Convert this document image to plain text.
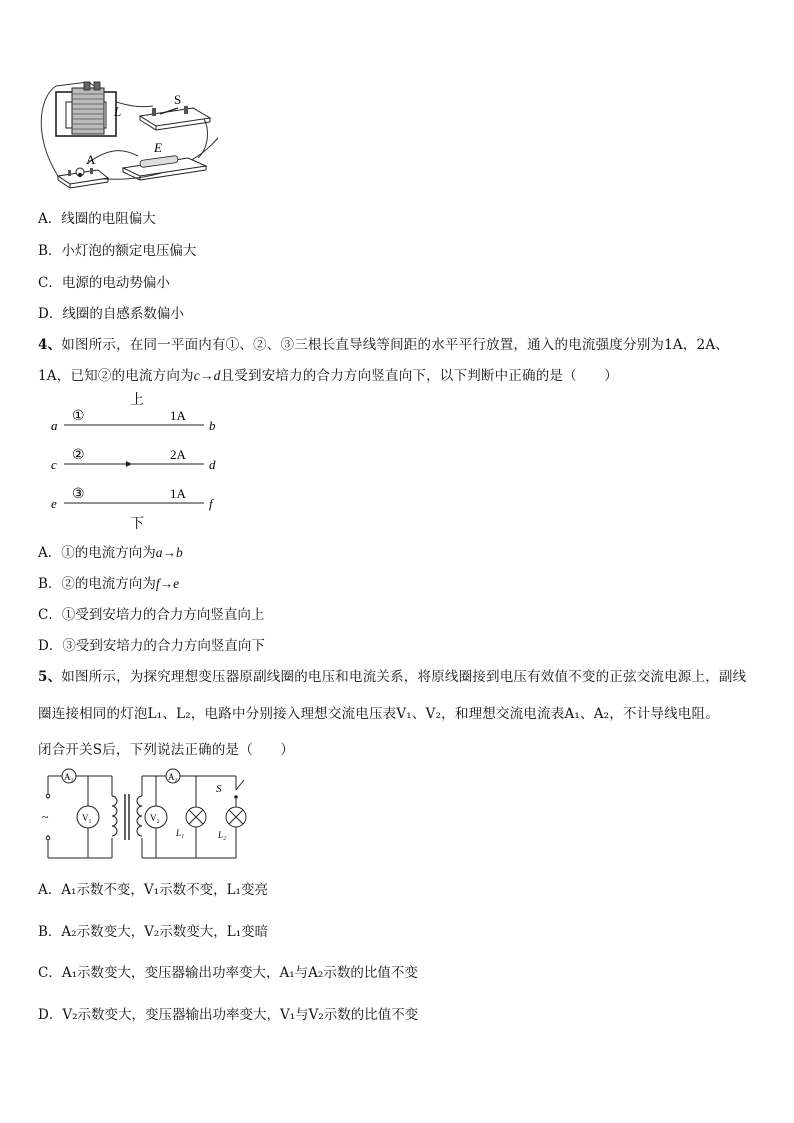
L
S
E
A
A．线圈的电阻偏大
B．小灯泡的额定电压偏大
C．电源的电动势偏小
D．线圈的自感系数偏小
4、如图所示，在同一平面内有①、②、③三根长直导线等间距的水平平行放置，通入的电流强度分别为1A，2A、
1A，已知②的电流方向为c→d且受到安培力的合力方向竖直向下，以下判断中正确的是（　　）
上
a	b
①	1A
c	d
②	2A
e	f
③	1A
下
A．①的电流方向为a→b
B．②的电流方向为f→e
C．①受到安培力的合力方向竖直向上
D．③受到安培力的合力方向竖直向下
5、如图所示，为探究理想变压器原副线圈的电压和电流关系，将原线圈接到电压有效值不变的正弦交流电源上，副线
圈连接相同的灯泡L₁、L₂，电路中分别接入理想交流电压表V₁、V₂，和理想交流电流表A₁、A₂，不计导线电阻。
闭合开关S后，下列说法正确的是（　　）
~
A₁
V₁
A₂
V₂
L₁	L₂
S
A．A₁示数不变，V₁示数不变，L₁变亮
B．A₂示数变大，V₂示数变大，L₁变暗
C．A₁示数变大，变压器输出功率变大，A₁与A₂示数的比值不变
D．V₂示数变大，变压器输出功率变大，V₁与V₂示数的比值不变
